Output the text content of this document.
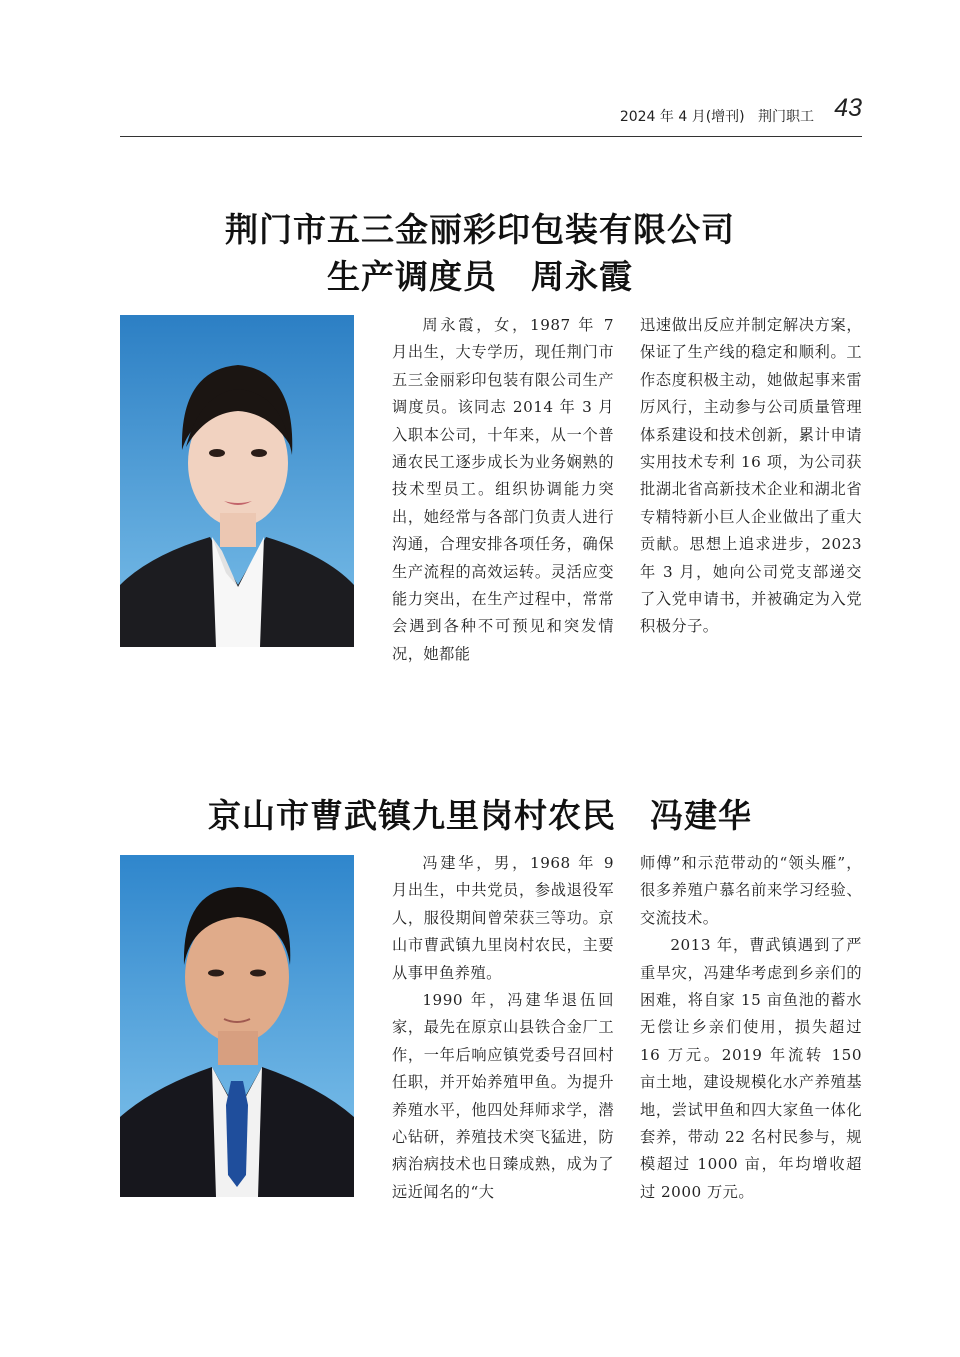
2024 年 4 月(增刊) 荆门职工 43
荆门市五三金丽彩印包装有限公司
生产调度员　周永霞

周永霞，女，1987 年 7 月出生，大专学历，现任荆门市五三金丽彩印包装有限公司生产调度员。该同志 2014 年 3 月入职本公司，十年来，从一个普通农民工逐步成长为业务娴熟的技术型员工。组织协调能力突出，她经常与各部门负责人进行沟通，合理安排各项任务，确保生产流程的高效运转。灵活应变能力突出，在生产过程中，常常会遇到各种不可预见和突发情况，她都能

迅速做出反应并制定解决方案，保证了生产线的稳定和顺利。工作态度积极主动，她做起事来雷厉风行，主动参与公司质量管理体系建设和技术创新，累计申请实用技术专利 16 项，为公司获批湖北省高新技术企业和湖北省专精特新小巨人企业做出了重大贡献。思想上追求进步，2023 年 3 月，她向公司党支部递交了入党申请书，并被确定为入党积极分子。

京山市曹武镇九里岗村农民　冯建华

冯建华，男，1968 年 9 月出生，中共党员，参战退役军人，服役期间曾荣获三等功。京山市曹武镇九里岗村农民，主要从事甲鱼养殖。

1990 年，冯建华退伍回家，最先在原京山县铁合金厂工作，一年后响应镇党委号召回村任职，并开始养殖甲鱼。为提升养殖水平，他四处拜师求学，潜心钻研，养殖技术突飞猛进，防病治病技术也日臻成熟，成为了远近闻名的“大

师傅”和示范带动的“领头雁”，很多养殖户慕名前来学习经验、交流技术。

2013 年，曹武镇遇到了严重旱灾，冯建华考虑到乡亲们的困难，将自家 15 亩鱼池的蓄水无偿让乡亲们使用，损失超过 16 万元。2019 年流转 150 亩土地，建设规模化水产养殖基地，尝试甲鱼和四大家鱼一体化套养，带动 22 名村民参与，规模超过 1000 亩，年均增收超过 2000 万元。
